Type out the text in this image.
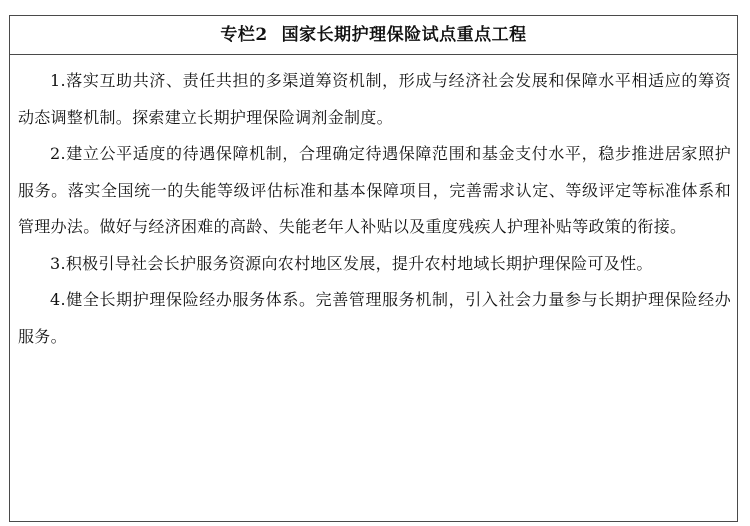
专栏2 国家长期护理保险试点重点工程

1.落实互助共济、责任共担的多渠道筹资机制，形成与经济社会发展和保障水平相适应的筹资动态调整机制。探索建立长期护理保险调剂金制度。

2.建立公平适度的待遇保障机制，合理确定待遇保障范围和基金支付水平，稳步推进居家照护服务。落实全国统一的失能等级评估标准和基本保障项目，完善需求认定、等级评定等标准体系和管理办法。做好与经济困难的高龄、失能老年人补贴以及重度残疾人护理补贴等政策的衔接。

3.积极引导社会长护服务资源向农村地区发展，提升农村地域长期护理保险可及性。

4.健全长期护理保险经办服务体系。完善管理服务机制，引入社会力量参与长期护理保险经办服务。
